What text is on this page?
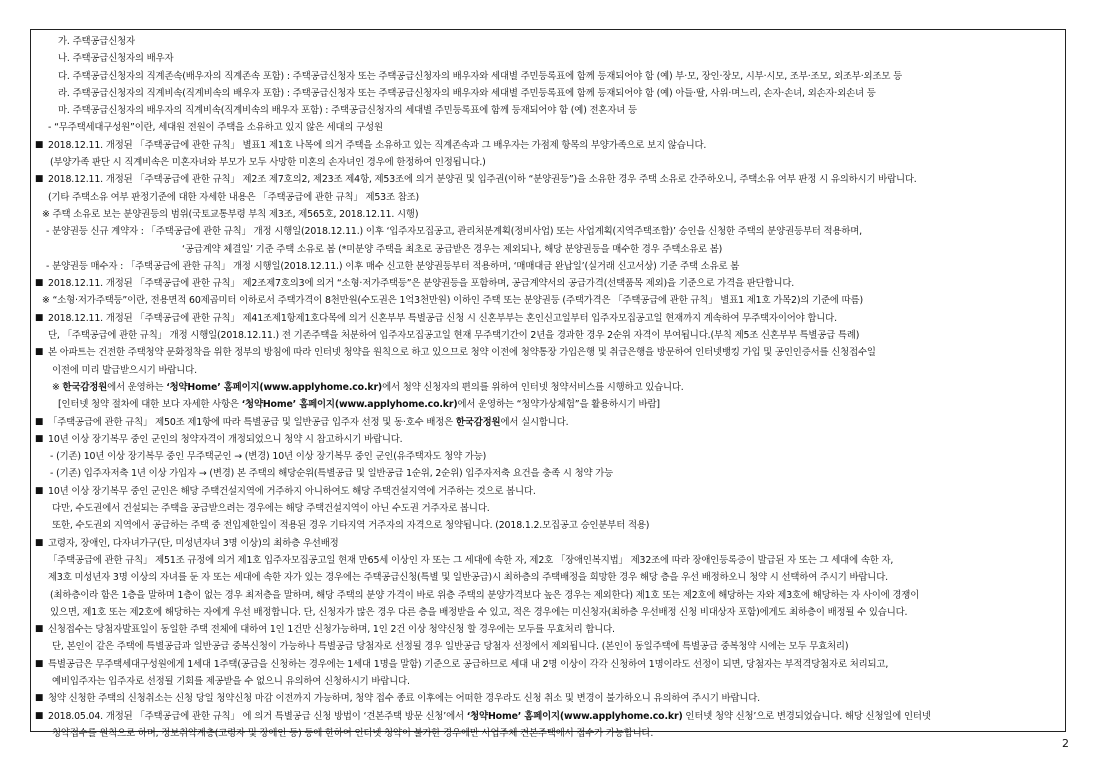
가. 주택공급신청자
나. 주택공급신청자의 배우자
다. 주택공급신청자의 직계존속(배우자의 직계존속 포함) : 주택공급신청자 또는 주택공급신청자의 배우자와 세대별 주민등록표에 함께 등재되어야 함 (예) 부·모, 장인·장모, 시부·시모, 조부·조모, 외조부·외조모 등
라. 주택공급신청자의 직계비속(직계비속의 배우자 포함) : 주택공급신청자 또는 주택공급신청자의 배우자와 세대별 주민등록표에 함께 등재되어야 함 (예) 아들·딸, 사위·며느리, 손자·손녀, 외손자·외손녀 등
마. 주택공급신청자의 배우자의 직계비속(직계비속의 배우자 포함) : 주택공급신청자의 세대별 주민등록표에 함께 등재되어야 함 (예) 전혼자녀 등
- “무주택세대구성원”이란, 세대원 전원이 주택을 소유하고 있지 않은 세대의 구성원
■ 2018.12.11. 개정된 「주택공급에 관한 규칙」 별표1 제1호 나목에 의거 주택을 소유하고 있는 직계존속과 그 배우자는 가점제 항목의 부양가족으로 보지 않습니다.
(부양가족 판단 시 직계비속은 미혼자녀와 부모가 모두 사망한 미혼의 손자녀인 경우에 한정하여 인정됩니다.)
■ 2018.12.11. 개정된 「주택공급에 관한 규칙」 제2조 제7호의2, 제23조 제4항, 제53조에 의거 분양권 및 입주권(이하 “분양권등”)을 소유한 경우 주택 소유로 간주하오니, 주택소유 여부 판정 시 유의하시기 바랍니다.
(기타 주택소유 여부 판정기준에 대한 자세한 내용은 「주택공급에 관한 규칙」 제53조 참조)
※ 주택 소유로 보는 분양권등의 범위(국토교통부령 부칙 제3조, 제565호, 2018.12.11. 시행)
- 분양권등 신규 계약자 : 「주택공급에 관한 규칙」 개정 시행일(2018.12.11.) 이후 ‘입주자모집공고, 관리처분계획(정비사업) 또는 사업계획(지역주택조합)’ 승인을 신청한 주택의 분양권등부터 적용하며,
‘공급계약 체결일’ 기준 주택 소유로 봄 (*미분양 주택을 최초로 공급받은 경우는 제외되나, 해당 분양권등을 매수한 경우 주택소유로 봄)
- 분양권등 매수자 : 「주택공급에 관한 규칙」 개정 시행일(2018.12.11.) 이후 매수 신고한 분양권등부터 적용하며, ‘매매대금 완납일’(실거래 신고서상) 기준 주택 소유로 봄
■ 2018.12.11. 개정된 「주택공급에 관한 규칙」 제2조제7호의3에 의거 “소형·저가주택등”은 분양권등을 포함하며, 공급계약서의 공급가격(선택품목 제외)을 기준으로 가격을 판단합니다.
※ “소형·저가주택등”이란, 전용면적 60제곱미터 이하로서 주택가격이 8천만원(수도권은 1억3천만원) 이하인 주택 또는 분양권등 (주택가격은 「주택공급에 관한 규칙」 별표1 제1호 가목2)의 기준에 따름)
■ 2018.12.11. 개정된 「주택공급에 관한 규칙」 제41조제1항제1호다목에 의거 신혼부부 특별공급 신청 시 신혼부부는 혼인신고일부터 입주자모집공고일 현재까지 계속하여 무주택자이어야 합니다.
단, 「주택공급에 관한 규칙」 개정 시행일(2018.12.11.) 전 기존주택을 처분하여 입주자모집공고일 현재 무주택기간이 2년을 경과한 경우 2순위 자격이 부여됩니다.(부칙 제5조 신혼부부 특별공급 특례)
■ 본 아파트는 건전한 주택청약 문화정착을 위한 정부의 방침에 따라 인터넷 청약을 원칙으로 하고 있으므로 청약 이전에 청약통장 가입은행 및 취급은행을 방문하여 인터넷뱅킹 가입 및 공인인증서를 신청접수일
이전에 미리 발급받으시기 바랍니다.
※ 한국감정원에서 운영하는 ‘청약Home’ 홈페이지(www.applyhome.co.kr)에서 청약 신청자의 편의를 위하여 인터넷 청약서비스를 시행하고 있습니다.
[인터넷 청약 절차에 대한 보다 자세한 사항은 ‘청약Home’ 홈페이지(www.applyhome.co.kr)에서 운영하는 “청약가상체험”을 활용하시기 바람]
■ 「주택공급에 관한 규칙」 제50조 제1항에 따라 특별공급 및 일반공급 입주자 선정 및 동·호수 배정은 한국감정원에서 실시합니다.
■ 10년 이상 장기복무 중인 군인의 청약자격이 개정되었으니 청약 시 참고하시기 바랍니다.
- (기존) 10년 이상 장기복무 중인 무주택군인 → (변경) 10년 이상 장기복무 중인 군인(유주택자도 청약 가능)
- (기존) 입주자저축 1년 이상 가입자 → (변경) 본 주택의 해당순위(특별공급 및 일반공급 1순위, 2순위) 입주자저축 요건을 충족 시 청약 가능
■ 10년 이상 장기복무 중인 군인은 해당 주택건설지역에 거주하지 아니하여도 해당 주택건설지역에 거주하는 것으로 봅니다.
다만, 수도권에서 건설되는 주택을 공급받으려는 경우에는 해당 주택건설지역이 아닌 수도권 거주자로 봅니다.
또한, 수도권외 지역에서 공급하는 주택 중 전입제한일이 적용된 경우 기타지역 거주자의 자격으로 청약됩니다. (2018.1.2.모집공고 승인분부터 적용)
■ 고령자, 장애인, 다자녀가구(단, 미성년자녀 3명 이상)의 최하층 우선배정
「주택공급에 관한 규칙」 제51조 규정에 의거 제1호 입주자모집공고일 현재 만65세 이상인 자 또는 그 세대에 속한 자, 제2호 「장애인복지법」 제32조에 따라 장애인등록증이 발급된 자 또는 그 세대에 속한 자,
제3호 미성년자 3명 이상의 자녀를 둔 자 또는 세대에 속한 자가 있는 경우에는 주택공급신청(특별 및 일반공급)시 최하층의 주택배정을 희망한 경우 해당 층을 우선 배정하오니 청약 시 선택하여 주시기 바랍니다.
(최하층이라 함은 1층을 말하며 1층이 없는 경우 최저층을 말하며, 해당 주택의 분양 가격이 바로 위층 주택의 분양가격보다 높은 경우는 제외한다) 제1호 또는 제2호에 해당하는 자와 제3호에 해당하는 자 사이에 경쟁이
있으면, 제1호 또는 제2호에 해당하는 자에게 우선 배정합니다. 단, 신청자가 많은 경우 다른 층을 배정받을 수 있고, 적은 경우에는 미신청자(최하층 우선배정 신청 비대상자 포함)에게도 최하층이 배정될 수 있습니다.
■ 신청접수는 당첨자발표일이 동일한 주택 전체에 대하여 1인 1건만 신청가능하며, 1인 2건 이상 청약신청 할 경우에는 모두를 무효처리 합니다.
단, 본인이 같은 주택에 특별공급과 일반공급 중복신청이 가능하나 특별공급 당첨자로 선정될 경우 일반공급 당첨자 선정에서 제외됩니다. (본인이 동일주택에 특별공급 중복청약 시에는 모두 무효처리)
■ 특별공급은 무주택세대구성원에게 1세대 1주택(공급을 신청하는 경우에는 1세대 1명을 말함) 기준으로 공급하므로 세대 내 2명 이상이 각각 신청하여 1명이라도 선정이 되면, 당첨자는 부적격당첨자로 처리되고,
예비입주자는 입주자로 선정될 기회를 제공받을 수 없으니 유의하여 신청하시기 바랍니다.
■ 청약 신청한 주택의 신청취소는 신청 당일 청약신청 마감 이전까지 가능하며, 청약 접수 종료 이후에는 어떠한 경우라도 신청 취소 및 변경이 불가하오니 유의하여 주시기 바랍니다.
■ 2018.05.04. 개정된 「주택공급에 관한 규칙」 에 의거 특별공급 신청 방법이 ‘견본주택 방문 신청’에서 ‘청약Home’ 홈페이지(www.applyhome.co.kr) 인터넷 청약 신청’으로 변경되었습니다. 해당 신청일에 인터넷
청약접수를 원칙으로 하며, 정보취약계층(고령자 및 장애인 등) 등에 한하여 인터넷 청약이 불가한 경우에만 사업주체 견본주택에서 접수가 가능합니다.
2
